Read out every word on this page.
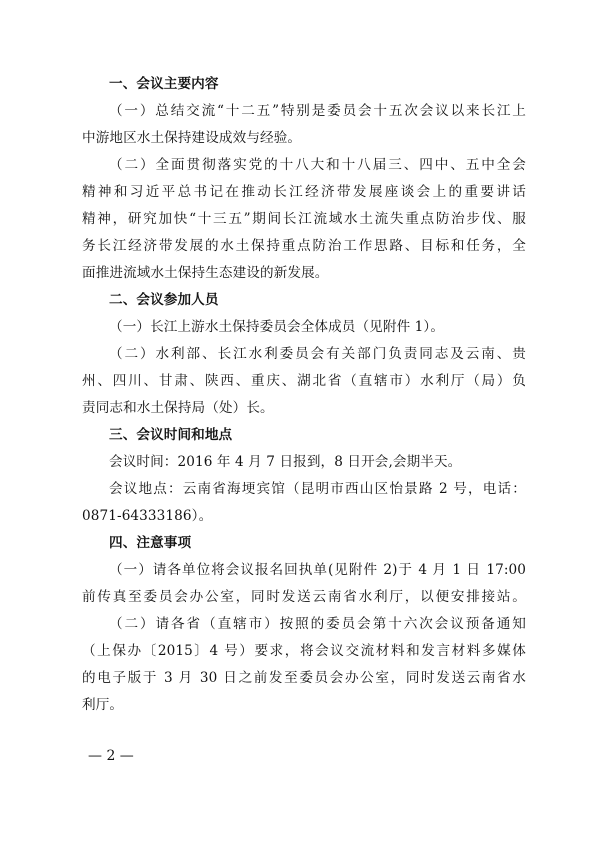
一、会议主要内容
（一）总结交流“十二五”特别是委员会十五次会议以来长江上
中游地区水土保持建设成效与经验。
（二）全面贯彻落实党的十八大和十八届三、四中、五中全会
精神和习近平总书记在推动长江经济带发展座谈会上的重要讲话
精神，研究加快“十三五”期间长江流域水土流失重点防治步伐、服
务长江经济带发展的水土保持重点防治工作思路、目标和任务，全
面推进流域水土保持生态建设的新发展。
二、会议参加人员
（一）长江上游水土保持委员会全体成员（见附件 1）。
（二）水利部、长江水利委员会有关部门负责同志及云南、贵
州、四川、甘肃、陕西、重庆、湖北省（直辖市）水利厅（局）负
责同志和水土保持局（处）长。
三、会议时间和地点
会议时间：2016 年 4 月 7 日报到，8 日开会,会期半天。
会议地点：云南省海埂宾馆（昆明市西山区怡景路 2 号，电话：
0871-64333186）。
四、注意事项
（一）请各单位将会议报名回执单(见附件 2)于 4 月 1 日 17:00
前传真至委员会办公室，同时发送云南省水利厅，以便安排接站。
（二）请各省（直辖市）按照的委员会第十六次会议预备通知
（上保办〔2015〕4 号）要求，将会议交流材料和发言材料多媒体
的电子版于 3 月 30 日之前发至委员会办公室，同时发送云南省水
利厅。
— 2 —
